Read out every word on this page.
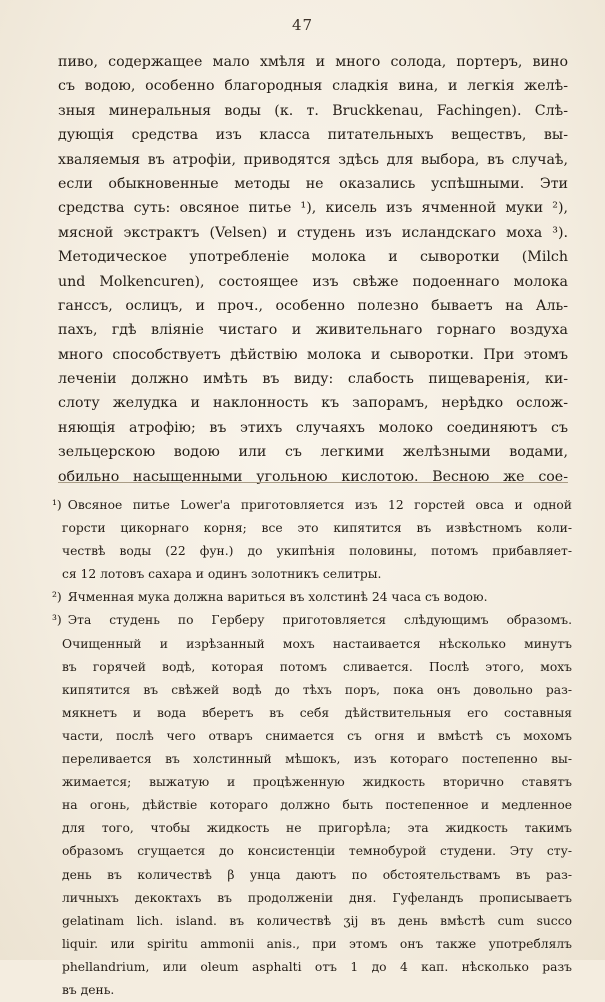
47
пиво, содержащее мало хмѣля и много солода, портеръ, вино
съ водою, особенно благородныя сладкія вина, и легкія желѣ-
зныя минеральныя воды (к. т. Bruckkenau, Fachingen). Слѣ-
дующія средства изъ класса питательныхъ веществъ, вы-
хваляемыя въ атрофіи, приводятся здѣсь для выбора, въ случаѣ,
если обыкновенные методы не оказались успѣшными. Эти
средства суть: овсяное питье ¹), кисель изъ ячменной муки ²),
мясной экстрактъ (Velsen) и студень изъ исландскаго моха ³).
Методическое употребленіе молока и сыворотки (Milch
und Molkencuren), состоящее изъ свѣже подоеннаго молока
ганссъ, ослицъ, и проч., особенно полезно бываетъ на Аль-
пахъ, гдѣ вліяніе чистаго и живительнаго горнаго воздуха
много способствуетъ дѣйствію молока и сыворотки. При этомъ
леченіи должно имѣть въ виду: слабость пищеваренія, ки-
слоту желудка и наклонность къ запорамъ, нерѣдко ослож-
няющія атрофію; въ этихъ случаяхъ молоко соединяютъ съ
зельцерскою водою или съ легкими желѣзными водами,
обильно насыщенными угольною кислотою. Весною же сое-
¹) Овсяное питье Lower'а приготовляется изъ 12 горстей овса и одной
горсти цикорнаго корня; все это кипятится въ извѣстномъ коли-
чествѣ воды (22 фун.) до укипѣнія половины, потомъ прибавляет-
ся 12 лотовъ сахара и одинъ золотникъ селитры.
²) Ячменная мука должна вариться въ холстинѣ 24 часа съ водою.
³) Эта студень по Герберу приготовляется слѣдующимъ образомъ.
Очищенный и изрѣзанный мохъ настаивается нѣсколько минутъ
въ горячей водѣ, которая потомъ сливается. Послѣ этого, мохъ
кипятится въ свѣжей водѣ до тѣхъ поръ, пока онъ довольно раз-
мякнетъ и вода вберетъ въ себя дѣйствительныя его составныя
части, послѣ чего отваръ снимается съ огня и вмѣстѣ съ мохомъ
переливается въ холстинный мѣшокъ, изъ котораго постепенно вы-
жимается; выжатую и процѣженную жидкость вторично ставятъ
на огонь, дѣйствіе котораго должно быть постепенное и медленное
для того, чтобы жидкость не пригорѣла; эта жидкость такимъ
образомъ сгущается до консистенціи темнобурой студени. Эту сту-
день въ количествѣ β унца даютъ по обстоятельствамъ въ раз-
личныхъ декоктахъ въ продолженіи дня. Гуфеландъ прописываетъ
gelatinam lich. island. въ количествѣ ʒij въ день вмѣстѣ cum succo
liquir. или spiritu ammonii anis., при этомъ онъ также употреблялъ
phellandrium, или oleum asphalti отъ 1 до 4 кап. нѣсколько разъ
въ день.
